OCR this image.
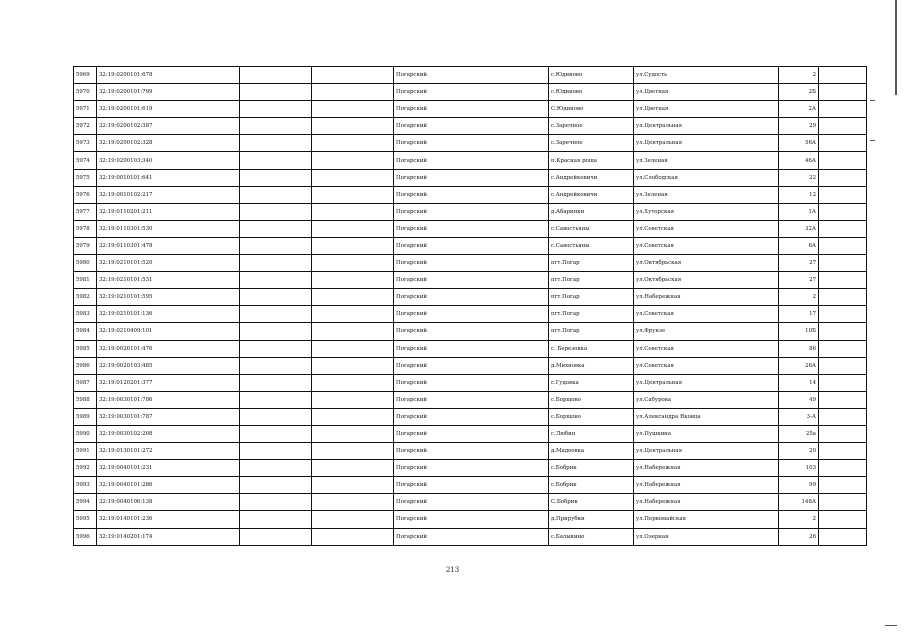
5969	32:19:0200101:678			Погарский	с.Юдиново	ул.Судость	2	
5970	32:19:0200101:799			Погарский	с.Юдиново	ул.Цветная	2Б	
5971	32:19:0200101:619			Погарский	С.Юдиново	ул.Цветная	2А	
5972	32:19:0200102:387			Погарский	с.Заречное	ул.Центральная	29	
5973	32:19:0200102:328			Погарский	с.Заречное	ул.Центральная	56А	
5974	32:19:0200103:340			Погарский	п.Красная роща	ул.Зеленая	46А	
5975	32:19:0010101:641			Погарский	с.Андрейковичи	ул.Слободская	22	
5976	32:19:0010102:217			Погарский	с.Андрейковичи	ул.Зеленая	12	
5977	32:19:0110201:211			Погарский	д.Абаринки	ул.Хуторская	1А	
5978	32:19:0110301:530			Погарский	с.Савостьяны	ул.Советская	32А	
5979	32:19:0110301:478			Погарский	с.Савостьяны	ул.Советская	6А	
5980	32:19:0210101:520			Погарский	пгт.Погар	ул.Октябрьская	27	
5981	32:19:0210101:531			Погарский	пгт.Погар	ул.Октябрьская	27	
5982	32:19:0210101:595			Погарский	пгт.Погар	ул.Набережная	2	
5983	32:19:0210101:136			Погарский	пгт.Погар	ул.Советская	17	
5984	32:19:0210409:101			Погарский	пгт.Погар	ул.Фрунзе	10Б	
5985	32:19:0020101:476			Погарский	с. Березовка	ул.Советская	86	
5986	32:19:0020103:485			Погарский	д.Михновка	ул.Советская	26А	
5987	32:19:0120201:377			Погарский	с.Гудовка	ул.Центральная	14	
5988	32:19:0030101:786			Погарский	с.Борщово	ул.Сабурова	49	
5989	32:19:0030101:787			Погарский	с.Борщово	ул.Александра Яковца	3-А	
5990	32:19:0030102:208			Погарский	с.Любин	ул.Пушкина	25а	
5991	32:19:0130101:272			Погарский	д.Мадеевка	ул.Центральная	20	
5992	32:19:0040101:231			Погарский	с.Бобрик	ул.Набережная	103	
5993	32:19:0040101:286			Погарский	с.Бобрик	ул.Набережная	99	
5994	32:19:0040106:138			Погарский	С.Бобрик	ул.Набережная	148А	
5995	32:19:0140101:236			Погарский	д.Прирубки	ул.Первомайская	2	
5996	32:19:0140201:174			Погарский	с.Балыкино	ул.Озерная	26	
213
